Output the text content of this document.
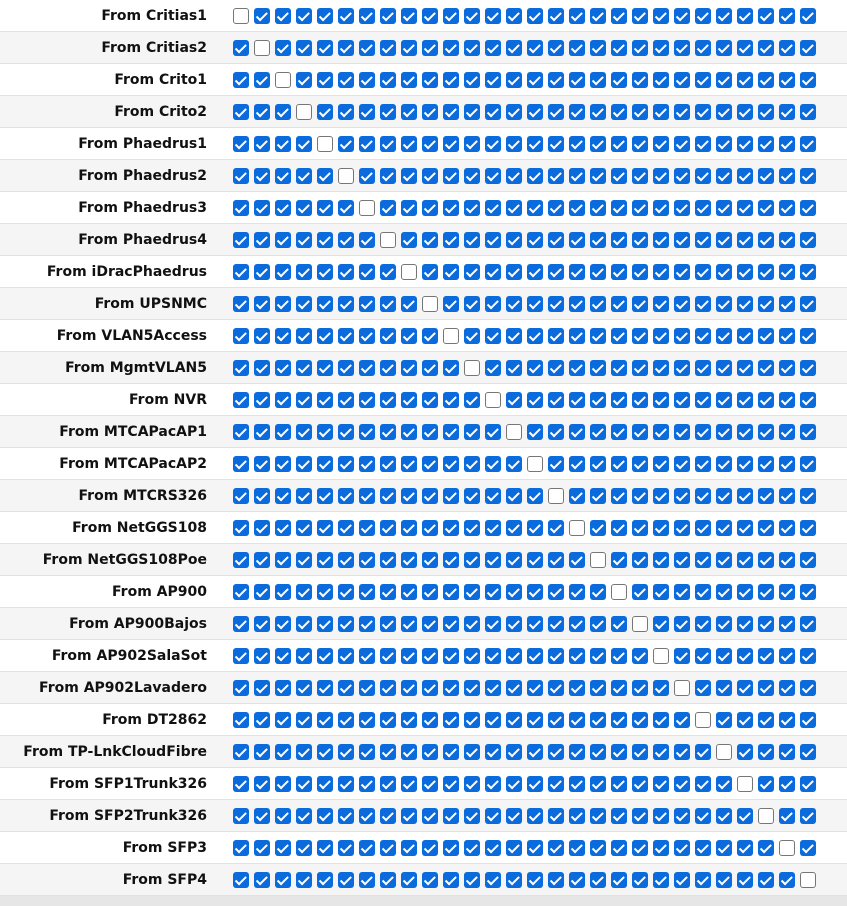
From Critias1
From Critias2
From Crito1
From Crito2
From Phaedrus1
From Phaedrus2
From Phaedrus3
From Phaedrus4
From iDracPhaedrus
From UPSNMC
From VLAN5Access
From MgmtVLAN5
From NVR
From MTCAPacAP1
From MTCAPacAP2
From MTCRS326
From NetGGS108
From NetGGS108Poe
From AP900
From AP900Bajos
From AP902SalaSot
From AP902Lavadero
From DT2862
From TP-LnkCloudFibre
From SFP1Trunk326
From SFP2Trunk326
From SFP3
From SFP4
